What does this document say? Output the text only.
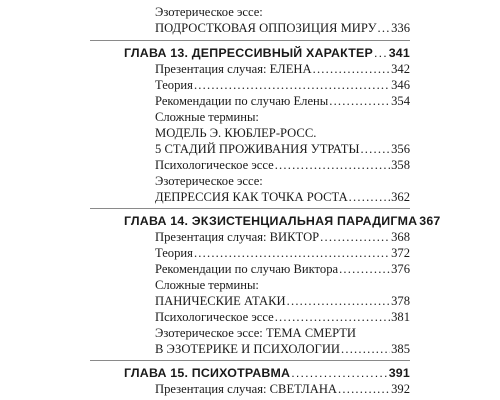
Эзотерическое эссе:
ПОДРОСТКОВАЯ ОППОЗИЦИЯ МИРУ ..... 336
ГЛАВА 13. ДЕПРЕССИВНЫЙ ХАРАКТЕР ..... 341
Презентация случая: ЕЛЕНА .....	342
Теория .....	346
Рекомендации по случаю Елены .....	354
Сложные термины:
МОДЕЛЬ Э. КЮБЛЕР-РОСС.
5 СТАДИЙ ПРОЖИВАНИЯ УТРАТЫ .....	356
Психологическое эссе .....	358
Эзотерическое эссе:
ДЕПРЕССИЯ КАК ТОЧКА РОСТА .....	362
ГЛАВА 14. ЭКЗИСТЕНЦИАЛЬНАЯ ПАРАДИГМА 367
Презентация случая: ВИКТОР .....	368
Теория .....	372
Рекомендации по случаю Виктора .....	376
Сложные термины:
ПАНИЧЕСКИЕ АТАКИ .....	378
Психологическое эссе .....	381
Эзотерическое эссе: ТЕМА СМЕРТИ
В ЭЗОТЕРИКЕ И ПСИХОЛОГИИ .....	385
ГЛАВА 15. ПСИХОТРАВМА .....	391
Презентация случая: СВЕТЛАНА .....	392
